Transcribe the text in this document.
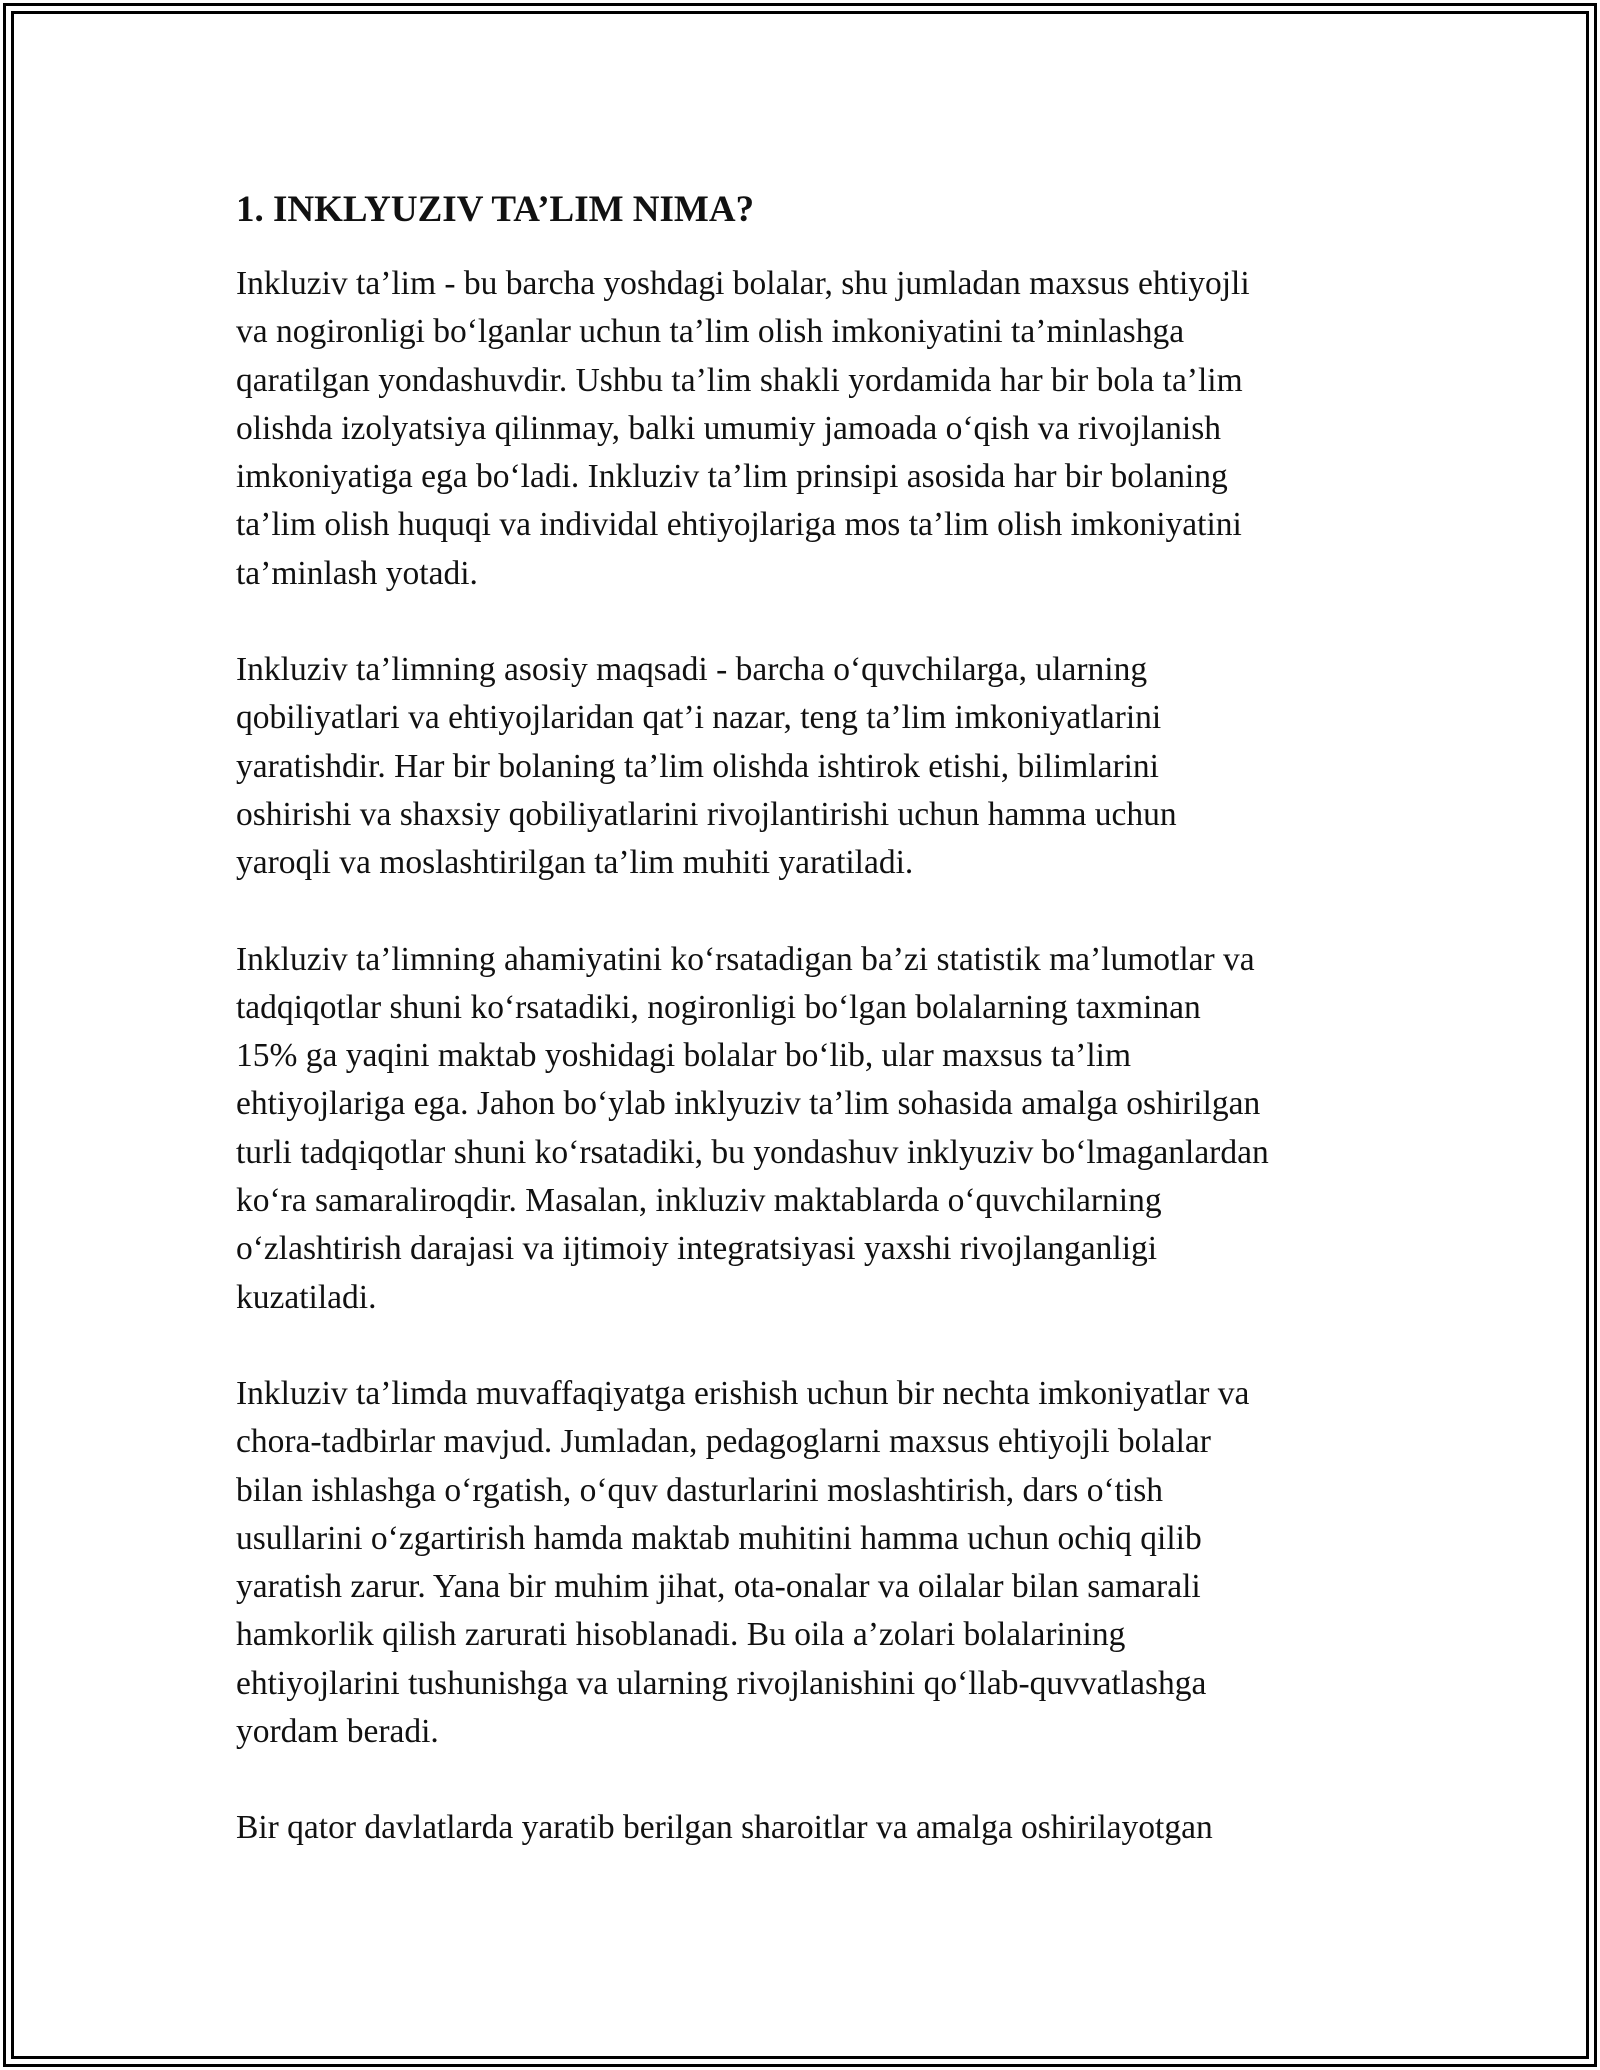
1. INKLYUZIV TA’LIM NIMA?

Inkluziv ta’lim - bu barcha yoshdagi bolalar, shu jumladan maxsus ehtiyojli
va nogironligi bo‘lganlar uchun ta’lim olish imkoniyatini ta’minlashga
qaratilgan yondashuvdir. Ushbu ta’lim shakli yordamida har bir bola ta’lim
olishda izolyatsiya qilinmay, balki umumiy jamoada o‘qish va rivojlanish
imkoniyatiga ega bo‘ladi. Inkluziv ta’lim prinsipi asosida har bir bolaning
ta’lim olish huquqi va individal ehtiyojlariga mos ta’lim olish imkoniyatini
ta’minlash yotadi.

Inkluziv ta’limning asosiy maqsadi - barcha o‘quvchilarga, ularning
qobiliyatlari va ehtiyojlaridan qat’i nazar, teng ta’lim imkoniyatlarini
yaratishdir. Har bir bolaning ta’lim olishda ishtirok etishi, bilimlarini
oshirishi va shaxsiy qobiliyatlarini rivojlantirishi uchun hamma uchun
yaroqli va moslashtirilgan ta’lim muhiti yaratiladi.

Inkluziv ta’limning ahamiyatini ko‘rsatadigan ba’zi statistik ma’lumotlar va
tadqiqotlar shuni ko‘rsatadiki, nogironligi bo‘lgan bolalarning taxminan
15% ga yaqini maktab yoshidagi bolalar bo‘lib, ular maxsus ta’lim
ehtiyojlariga ega. Jahon bo‘ylab inklyuziv ta’lim sohasida amalga oshirilgan
turli tadqiqotlar shuni ko‘rsatadiki, bu yondashuv inklyuziv bo‘lmaganlardan
ko‘ra samaraliroqdir. Masalan, inkluziv maktablarda o‘quvchilarning
o‘zlashtirish darajasi va ijtimoiy integratsiyasi yaxshi rivojlanganligi
kuzatiladi.

Inkluziv ta’limda muvaffaqiyatga erishish uchun bir nechta imkoniyatlar va
chora-tadbirlar mavjud. Jumladan, pedagoglarni maxsus ehtiyojli bolalar
bilan ishlashga o‘rgatish, o‘quv dasturlarini moslashtirish, dars o‘tish
usullarini o‘zgartirish hamda maktab muhitini hamma uchun ochiq qilib
yaratish zarur. Yana bir muhim jihat, ota-onalar va oilalar bilan samarali
hamkorlik qilish zarurati hisoblanadi. Bu oila a’zolari bolalarining
ehtiyojlarini tushunishga va ularning rivojlanishini qo‘llab-quvvatlashga
yordam beradi.

Bir qator davlatlarda yaratib berilgan sharoitlar va amalga oshirilayotgan
